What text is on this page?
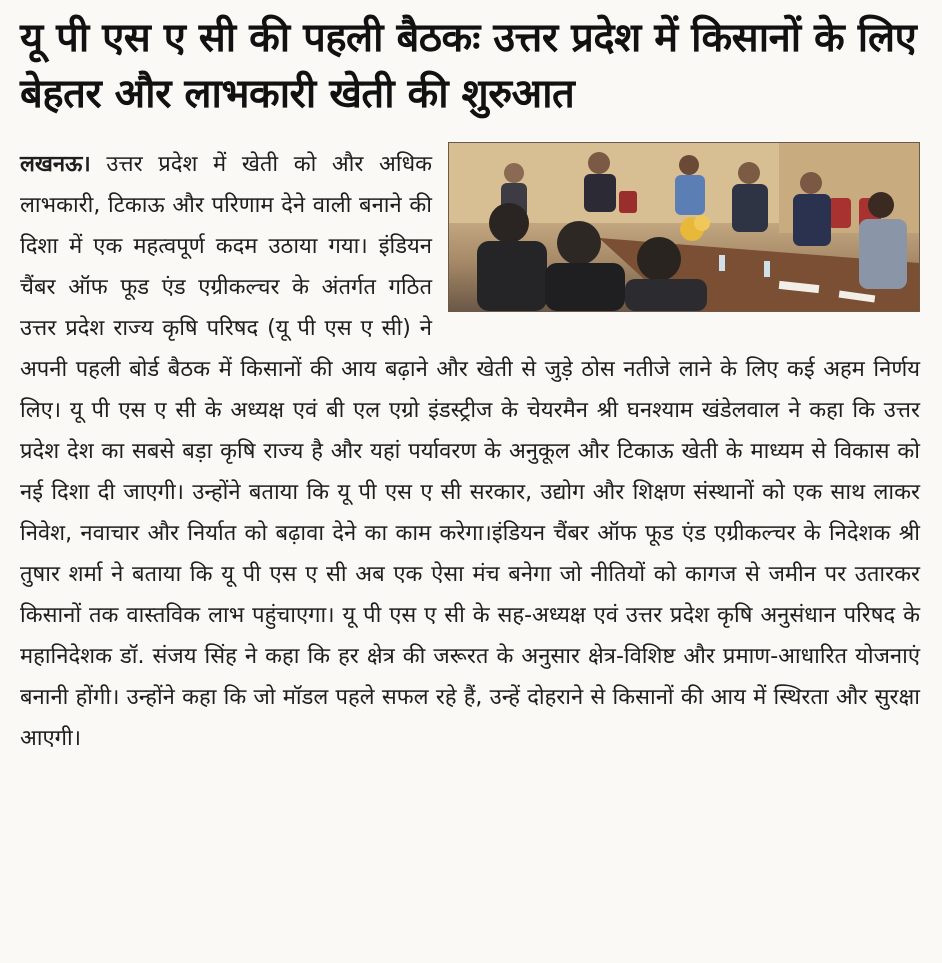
यू पी एस ए सी की पहली बैठकः उत्तर प्रदेश में किसानों के लिए बेहतर और लाभकारी खेती की शुरुआत

लखनऊ। उत्तर प्रदेश में खेती को और अधिक लाभकारी, टिकाऊ और परिणाम देने वाली बनाने की दिशा में एक महत्वपूर्ण कदम उठाया गया। इंडियन चैंबर ऑफ फूड एंड एग्रीकल्चर के अंतर्गत गठित उत्तर प्रदेश राज्य कृषि परिषद (यू पी एस ए सी) ने अपनी पहली बोर्ड बैठक में किसानों की आय बढ़ाने और खेती से जुड़े ठोस नतीजे लाने के लिए कई अहम निर्णय लिए। यू पी एस ए सी के अध्यक्ष एवं बी एल एग्रो इंडस्ट्रीज के चेयरमैन श्री घनश्याम खंडेलवाल ने कहा कि उत्तर प्रदेश देश का सबसे बड़ा कृषि राज्य है और यहां पर्यावरण के अनुकूल और टिकाऊ खेती के माध्यम से विकास को नई दिशा दी जाएगी। उन्होंने बताया कि यू पी एस ए सी सरकार, उद्योग और शिक्षण संस्थानों को एक साथ लाकर निवेश, नवाचार और निर्यात को बढ़ावा देने का काम करेगा।इंडियन चैंबर ऑफ फूड एंड एग्रीकल्चर के निदेशक श्री तुषार शर्मा ने बताया कि यू पी एस ए सी अब एक ऐसा मंच बनेगा जो नीतियों को कागज से जमीन पर उतारकर किसानों तक वास्तविक लाभ पहुंचाएगा। यू पी एस ए सी के सह-अध्यक्ष एवं उत्तर प्रदेश कृषि अनुसंधान परिषद के महानिदेशक डॉ. संजय सिंह ने कहा कि हर क्षेत्र की जरूरत के अनुसार क्षेत्र-विशिष्ट और प्रमाण-आधारित योजनाएं बनानी होंगी। उन्होंने कहा कि जो मॉडल पहले सफल रहे हैं, उन्हें दोहराने से किसानों की आय में स्थिरता और सुरक्षा आएगी।
